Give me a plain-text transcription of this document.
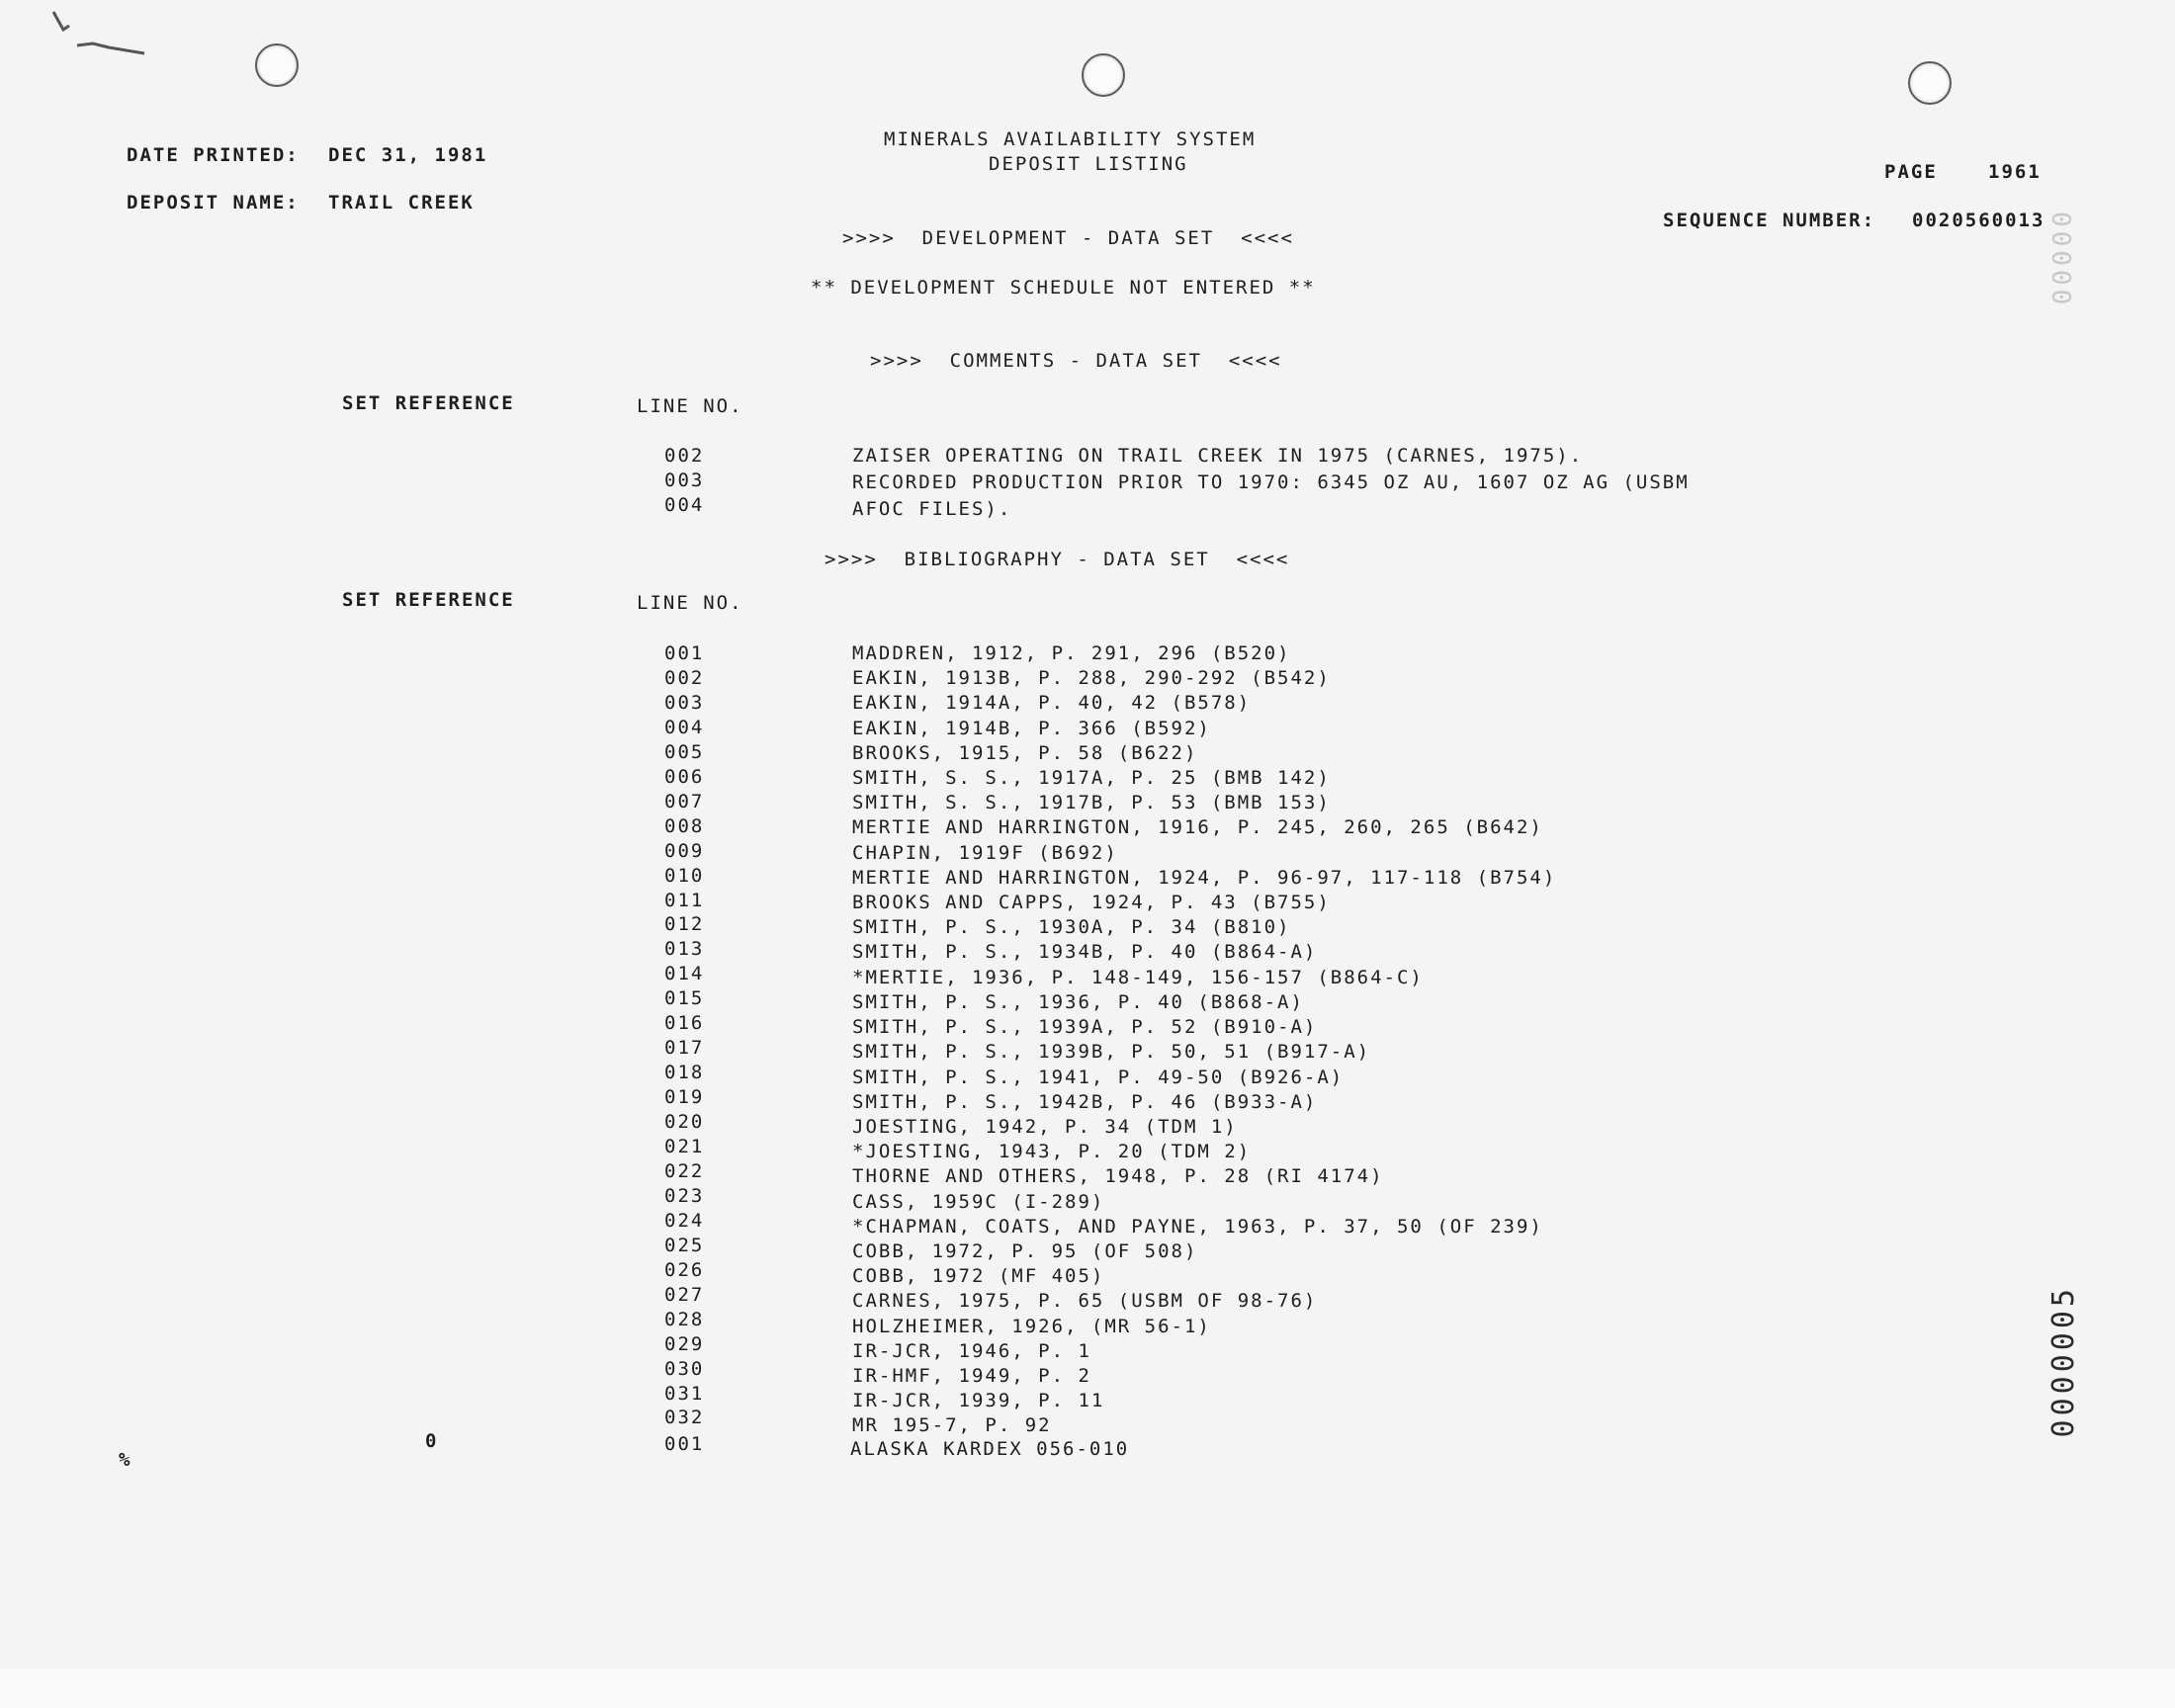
MINERALS AVAILABILITY SYSTEM
DEPOSIT LISTING
DATE PRINTED: DEC 31, 1981
DEPOSIT NAME: TRAIL CREEK
PAGE	1961
SEQUENCE NUMBER: 0020560013
>>>>  DEVELOPMENT - DATA SET  <<<<
** DEVELOPMENT SCHEDULE NOT ENTERED **
>>>>  COMMENTS - DATA SET  <<<<
SET REFERENCE	LINE NO.
002	ZAISER OPERATING ON TRAIL CREEK IN 1975 (CARNES, 1975).
003	RECORDED PRODUCTION PRIOR TO 1970: 6345 OZ AU, 1607 OZ AG (USBM
004	AFOC FILES).
>>>>  BIBLIOGRAPHY - DATA SET  <<<<
SET REFERENCE	LINE NO.
001	MADDREN, 1912, P. 291, 296 (B520)
002	EAKIN, 1913B, P. 288, 290-292 (B542)
003	EAKIN, 1914A, P. 40, 42 (B578)
004	EAKIN, 1914B, P. 366 (B592)
005	BROOKS, 1915, P. 58 (B622)
006	SMITH, S. S., 1917A, P. 25 (BMB 142)
007	SMITH, S. S., 1917B, P. 53 (BMB 153)
008	MERTIE AND HARRINGTON, 1916, P. 245, 260, 265 (B642)
009	CHAPIN, 1919F (B692)
010	MERTIE AND HARRINGTON, 1924, P. 96-97, 117-118 (B754)
011	BROOKS AND CAPPS, 1924, P. 43 (B755)
012	SMITH, P. S., 1930A, P. 34 (B810)
013	SMITH, P. S., 1934B, P. 40 (B864-A)
014	*MERTIE, 1936, P. 148-149, 156-157 (B864-C)
015	SMITH, P. S., 1936, P. 40 (B868-A)
016	SMITH, P. S., 1939A, P. 52 (B910-A)
017	SMITH, P. S., 1939B, P. 50, 51 (B917-A)
018	SMITH, P. S., 1941, P. 49-50 (B926-A)
019	SMITH, P. S., 1942B, P. 46 (B933-A)
020	JOESTING, 1942, P. 34 (TDM 1)
021	*JOESTING, 1943, P. 20 (TDM 2)
022	THORNE AND OTHERS, 1948, P. 28 (RI 4174)
023	CASS, 1959C (I-289)
024	*CHAPMAN, COATS, AND PAYNE, 1963, P. 37, 50 (OF 239)
025	COBB, 1972, P. 95 (OF 508)
026	COBB, 1972 (MF 405)
027	CARNES, 1975, P. 65 (USBM OF 98-76)
028	HOLZHEIMER, 1926, (MR 56-1)
029	IR-JCR, 1946, P. 1
030	IR-HMF, 1949, P. 2
031	IR-JCR, 1939, P. 11
032	MR 195-7, P. 92
0	001	ALASKA KARDEX 056-010
%
0000005
00000
